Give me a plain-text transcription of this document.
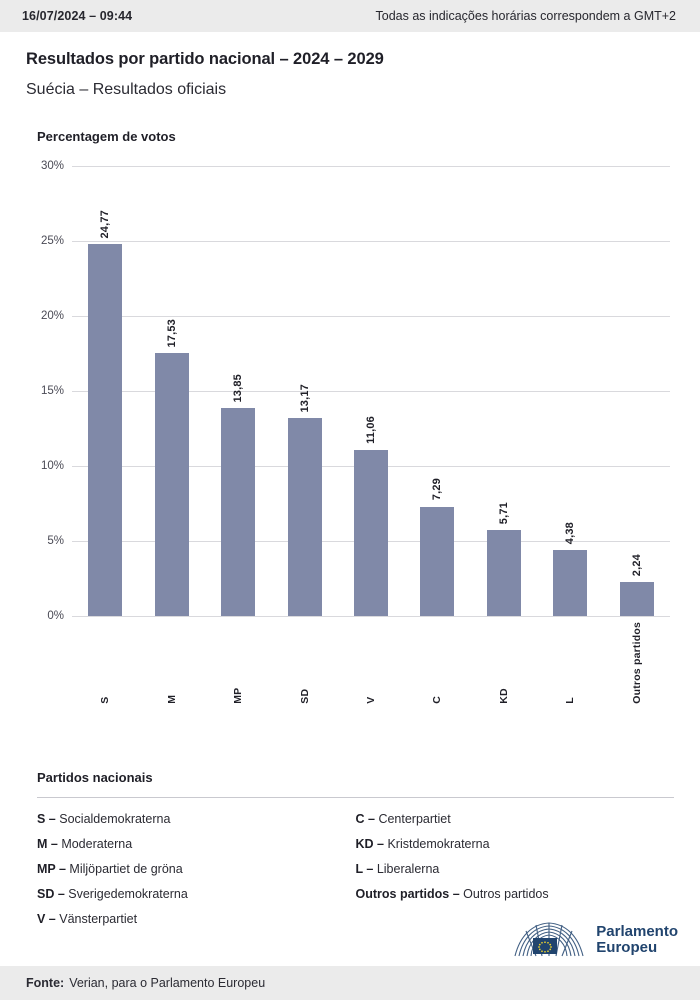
16/07/2024 – 09:44	Todas as indicações horárias correspondem a GMT+2
Resultados por partido nacional – 2024 – 2029
Suécia – Resultados oficiais
Percentagem de votos
0%
5%
10%
15%
20%
25%
30%
24,77
17,53
13,85	13,17
11,06
7,29
5,71
4,38
2,24
S	M	MP	SD	V	C	KD	L	Outros partidos
Partidos nacionais
S – Socialdemokraterna
M – Moderaterna
MP – Miljöpartiet de gröna
SD – Sverigedemokraterna
V – Vänsterpartiet
C – Centerpartiet
KD – Kristdemokraterna
L – Liberalerna
Outros partidos – Outros partidos
Parlamento
Europeu
Fonte: Verian, para o Parlamento Europeu
